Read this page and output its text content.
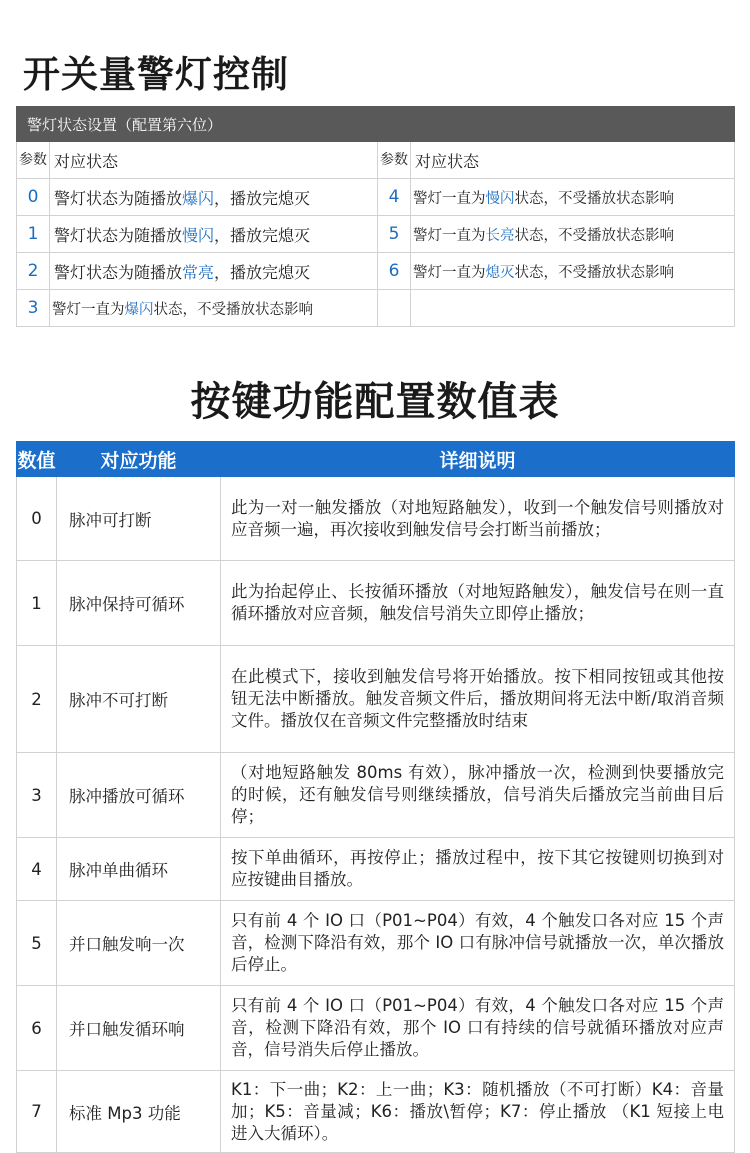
开关量警灯控制
警灯状态设置（配置第六位）			
参数	对应状态	参数	对应状态
0	警灯状态为随播放爆闪，播放完熄灭	4	警灯一直为慢闪状态，不受播放状态影响
1	警灯状态为随播放慢闪，播放完熄灭	5	警灯一直为长亮状态，不受播放状态影响
2	警灯状态为随播放常亮，播放完熄灭	6	警灯一直为熄灭状态，不受播放状态影响
3	警灯一直为爆闪状态，不受播放状态影响		
按键功能配置数值表
数值	对应功能	详细说明
0	脉冲可打断	此为一对一触发播放（对地短路触发），收到一个触发信号则播放对应音频一遍，再次接收到触发信号会打断当前播放；
1	脉冲保持可循环	此为抬起停止、长按循环播放（对地短路触发），触发信号在则一直循环播放对应音频，触发信号消失立即停止播放；
2	脉冲不可打断	在此模式下，接收到触发信号将开始播放。按下相同按钮或其他按钮无法中断播放。触发音频文件后，播放期间将无法中断/取消音频文件。播放仅在音频文件完整播放时结束
3	脉冲播放可循环	（对地短路触发 80ms 有效），脉冲播放一次，检测到快要播放完的时候，还有触发信号则继续播放，信号消失后播放完当前曲目后停；
4	脉冲单曲循环	按下单曲循环，再按停止；播放过程中，按下其它按键则切换到对应按键曲目播放。
5	并口触发响一次	只有前 4 个 IO 口（P01~P04）有效，4 个触发口各对应 15 个声音，检测下降沿有效，那个 IO 口有脉冲信号就播放一次，单次播放后停止。
6	并口触发循环响	只有前 4 个 IO 口（P01~P04）有效，4 个触发口各对应 15 个声音，检测下降沿有效，那个 IO 口有持续的信号就循环播放对应声音，信号消失后停止播放。
7	标准 Mp3 功能	K1：下一曲；K2：上一曲；K3：随机播放（不可打断）K4：音量加；K5：音量减；K6：播放\暂停；K7：停止播放 （K1 短接上电进入大循环）。
